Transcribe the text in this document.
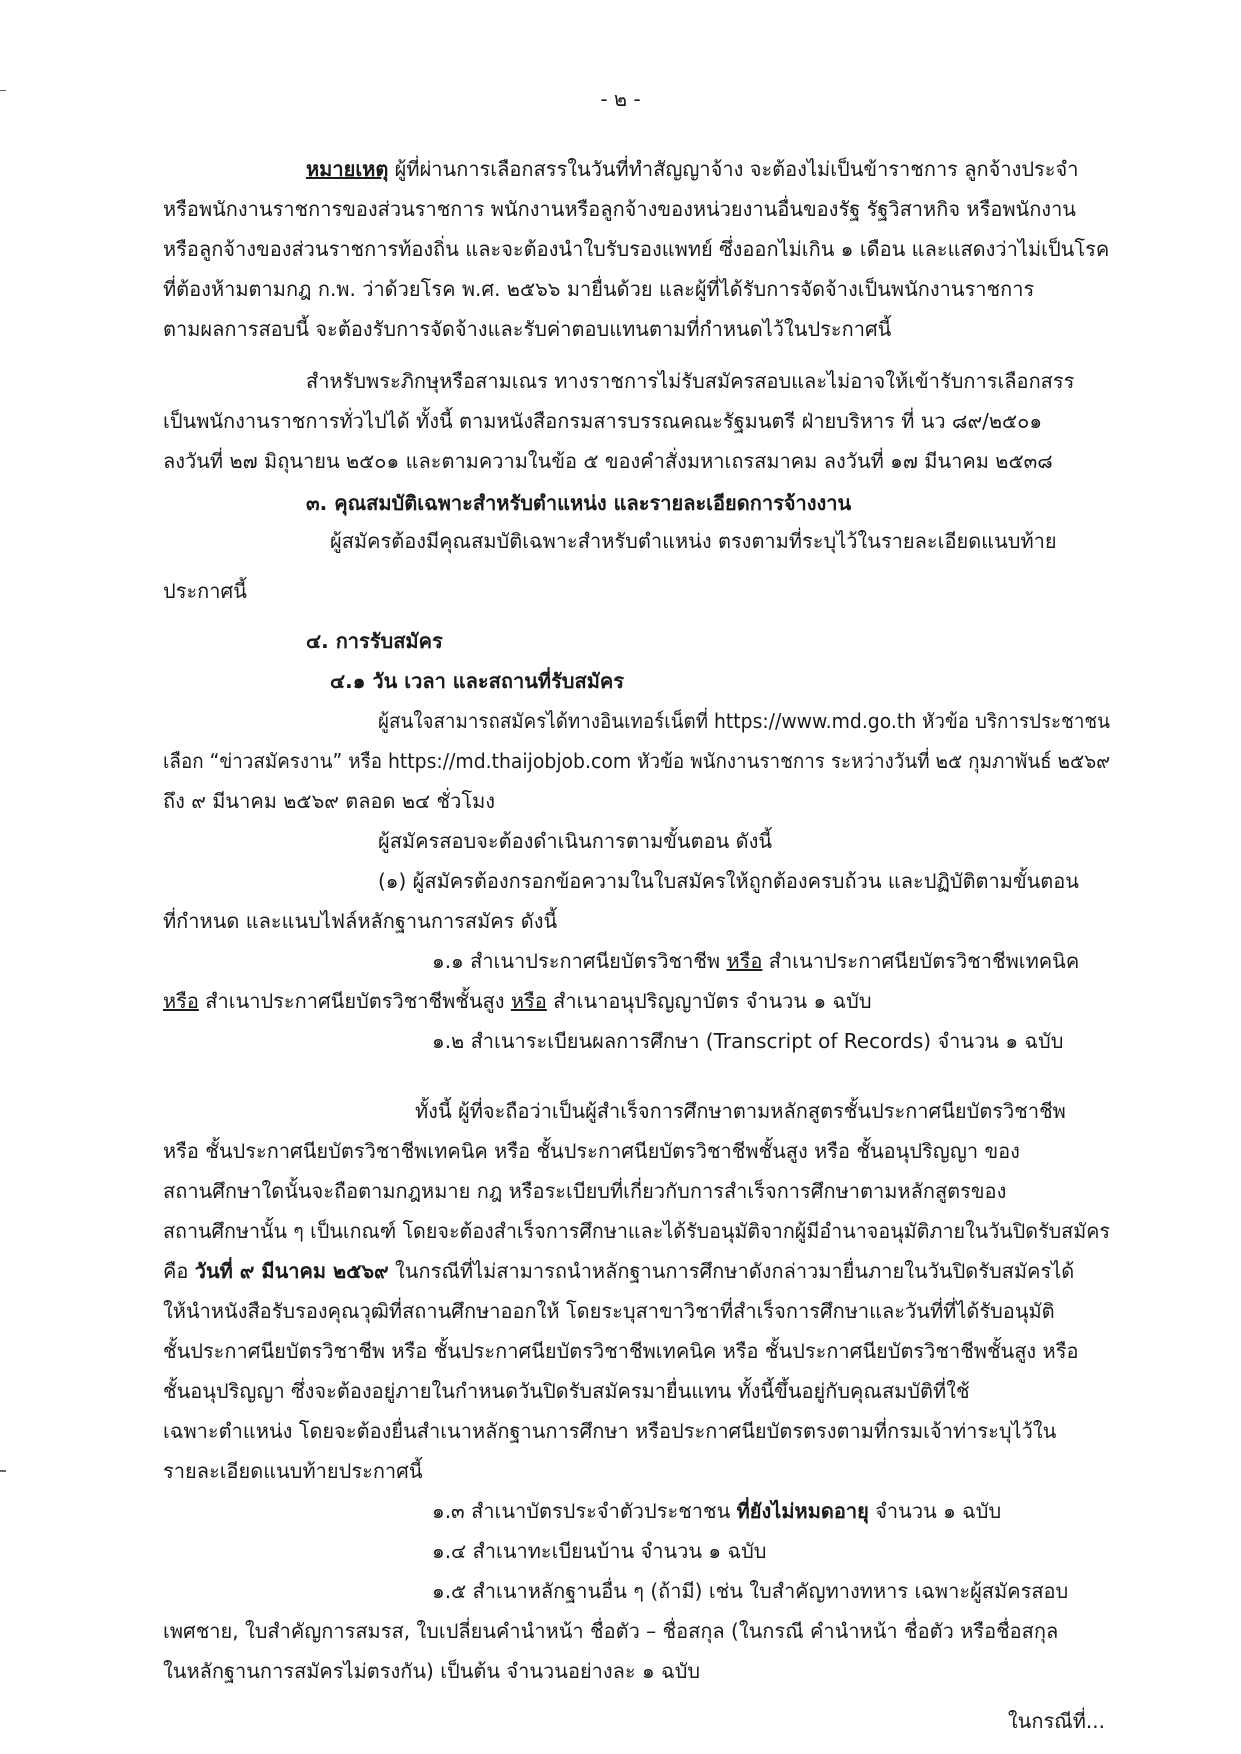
- ๒ -
หมายเหตุ ผู้ที่ผ่านการเลือกสรรในวันที่ทำสัญญาจ้าง จะต้องไม่เป็นข้าราชการ ลูกจ้างประจำ
หรือพนักงานราชการของส่วนราชการ พนักงานหรือลูกจ้างของหน่วยงานอื่นของรัฐ รัฐวิสาหกิจ หรือพนักงาน
หรือลูกจ้างของส่วนราชการท้องถิ่น และจะต้องนำใบรับรองแพทย์ ซึ่งออกไม่เกิน ๑ เดือน และแสดงว่าไม่เป็นโรค
ที่ต้องห้ามตามกฎ ก.พ. ว่าด้วยโรค พ.ศ. ๒๕๖๖ มายื่นด้วย และผู้ที่ได้รับการจัดจ้างเป็นพนักงานราชการ
ตามผลการสอบนี้ จะต้องรับการจัดจ้างและรับค่าตอบแทนตามที่กำหนดไว้ในประกาศนี้
สำหรับพระภิกษุหรือสามเณร ทางราชการไม่รับสมัครสอบและไม่อาจให้เข้ารับการเลือกสรร
เป็นพนักงานราชการทั่วไปได้ ทั้งนี้ ตามหนังสือกรมสารบรรณคณะรัฐมนตรี ฝ่ายบริหาร ที่ นว ๘๙/๒๕๐๑
ลงวันที่ ๒๗ มิถุนายน ๒๕๐๑ และตามความในข้อ ๕ ของคำสั่งมหาเถรสมาคม ลงวันที่ ๑๗ มีนาคม ๒๕๓๘
๓. คุณสมบัติเฉพาะสำหรับตำแหน่ง และรายละเอียดการจ้างงาน
ผู้สมัครต้องมีคุณสมบัติเฉพาะสำหรับตำแหน่ง ตรงตามที่ระบุไว้ในรายละเอียดแนบท้าย
ประกาศนี้
๔. การรับสมัคร
๔.๑ วัน เวลา และสถานที่รับสมัคร
ผู้สนใจสามารถสมัครได้ทางอินเทอร์เน็ตที่ https://www.md.go.th หัวข้อ บริการประชาชน
เลือก “ข่าวสมัครงาน” หรือ https://md.thaijobjob.com หัวข้อ พนักงานราชการ ระหว่างวันที่ ๒๕ กุมภาพันธ์ ๒๕๖๙
ถึง ๙ มีนาคม ๒๕๖๙ ตลอด ๒๔ ชั่วโมง
ผู้สมัครสอบจะต้องดำเนินการตามขั้นตอน ดังนี้
(๑) ผู้สมัครต้องกรอกข้อความในใบสมัครให้ถูกต้องครบถ้วน และปฏิบัติตามขั้นตอน
ที่กำหนด และแนบไฟล์หลักฐานการสมัคร ดังนี้
๑.๑ สำเนาประกาศนียบัตรวิชาชีพ หรือ สำเนาประกาศนียบัตรวิชาชีพเทคนิค
หรือ สำเนาประกาศนียบัตรวิชาชีพชั้นสูง หรือ สำเนาอนุปริญญาบัตร จำนวน ๑ ฉบับ
๑.๒ สำเนาระเบียนผลการศึกษา (Transcript of Records) จำนวน ๑ ฉบับ
ทั้งนี้ ผู้ที่จะถือว่าเป็นผู้สำเร็จการศึกษาตามหลักสูตรชั้นประกาศนียบัตรวิชาชีพ
หรือ ชั้นประกาศนียบัตรวิชาชีพเทคนิค หรือ ชั้นประกาศนียบัตรวิชาชีพชั้นสูง หรือ ชั้นอนุปริญญา ของ
สถานศึกษาใดนั้นจะถือตามกฎหมาย กฎ หรือระเบียบที่เกี่ยวกับการสำเร็จการศึกษาตามหลักสูตรของ
สถานศึกษานั้น ๆ เป็นเกณฑ์ โดยจะต้องสำเร็จการศึกษาและได้รับอนุมัติจากผู้มีอำนาจอนุมัติภายในวันปิดรับสมัคร
คือ วันที่ ๙ มีนาคม ๒๕๖๙ ในกรณีที่ไม่สามารถนำหลักฐานการศึกษาดังกล่าวมายื่นภายในวันปิดรับสมัครได้
ให้นำหนังสือรับรองคุณวุฒิที่สถานศึกษาออกให้ โดยระบุสาขาวิชาที่สำเร็จการศึกษาและวันที่ที่ได้รับอนุมัติ
ชั้นประกาศนียบัตรวิชาชีพ หรือ ชั้นประกาศนียบัตรวิชาชีพเทคนิค หรือ ชั้นประกาศนียบัตรวิชาชีพชั้นสูง หรือ
ชั้นอนุปริญญา ซึ่งจะต้องอยู่ภายในกำหนดวันปิดรับสมัครมายื่นแทน ทั้งนี้ขึ้นอยู่กับคุณสมบัติที่ใช้
เฉพาะตำแหน่ง โดยจะต้องยื่นสำเนาหลักฐานการศึกษา หรือประกาศนียบัตรตรงตามที่กรมเจ้าท่าระบุไว้ใน
รายละเอียดแนบท้ายประกาศนี้
๑.๓ สำเนาบัตรประจำตัวประชาชน ที่ยังไม่หมดอายุ จำนวน ๑ ฉบับ
๑.๔ สำเนาทะเบียนบ้าน จำนวน ๑ ฉบับ
๑.๕ สำเนาหลักฐานอื่น ๆ (ถ้ามี) เช่น ใบสำคัญทางทหาร เฉพาะผู้สมัครสอบ
เพศชาย, ใบสำคัญการสมรส, ใบเปลี่ยนคำนำหน้า ชื่อตัว – ชื่อสกุล (ในกรณี คำนำหน้า ชื่อตัว หรือชื่อสกุล
ในหลักฐานการสมัครไม่ตรงกัน) เป็นต้น จำนวนอย่างละ ๑ ฉบับ
ในกรณีที่...
